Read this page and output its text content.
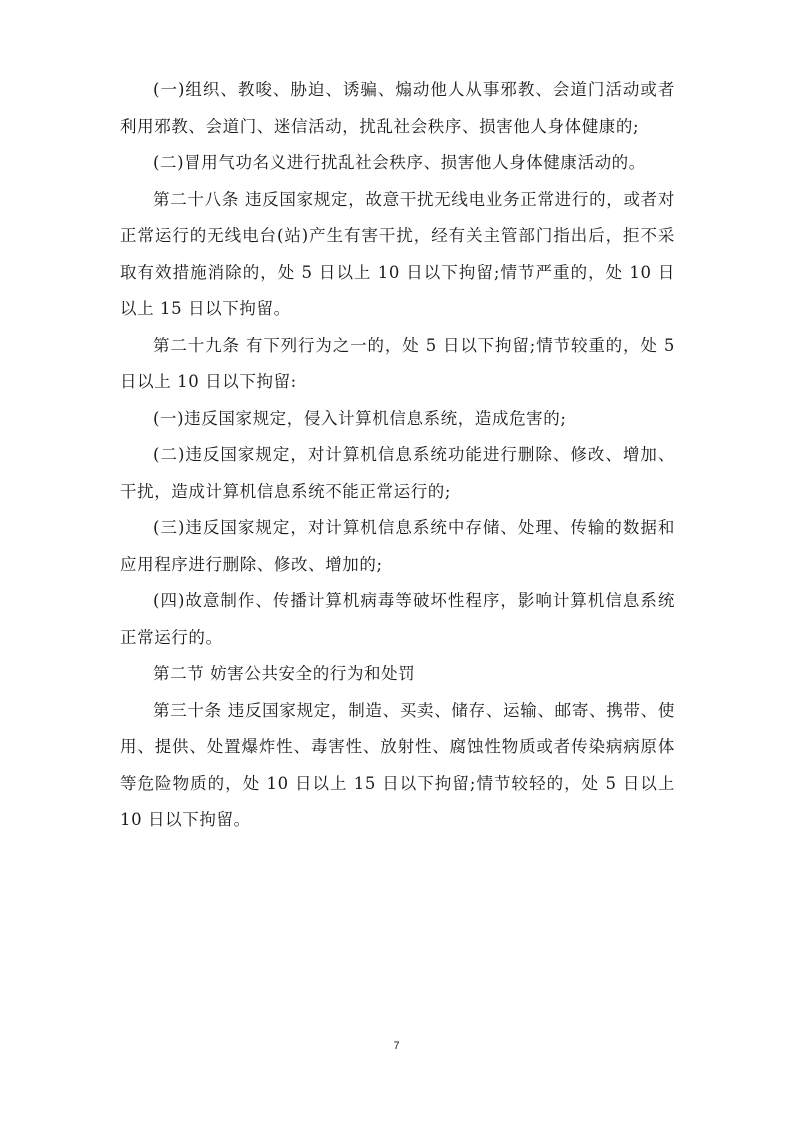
(一)组织、教唆、胁迫、诱骗、煽动他人从事邪教、会道门活动或者利用邪教、会道门、迷信活动，扰乱社会秩序、损害他人身体健康的;

(二)冒用气功名义进行扰乱社会秩序、损害他人身体健康活动的。

第二十八条 违反国家规定，故意干扰无线电业务正常进行的，或者对正常运行的无线电台(站)产生有害干扰，经有关主管部门指出后，拒不采取有效措施消除的，处 5 日以上 10 日以下拘留;情节严重的，处 10 日以上 15 日以下拘留。

第二十九条 有下列行为之一的，处 5 日以下拘留;情节较重的，处 5 日以上 10 日以下拘留:

(一)违反国家规定，侵入计算机信息系统，造成危害的;

(二)违反国家规定，对计算机信息系统功能进行删除、修改、增加、干扰，造成计算机信息系统不能正常运行的;

(三)违反国家规定，对计算机信息系统中存储、处理、传输的数据和应用程序进行删除、修改、增加的;

(四)故意制作、传播计算机病毒等破坏性程序，影响计算机信息系统正常运行的。

第二节 妨害公共安全的行为和处罚

第三十条 违反国家规定，制造、买卖、储存、运输、邮寄、携带、使用、提供、处置爆炸性、毒害性、放射性、腐蚀性物质或者传染病病原体等危险物质的，处 10 日以上 15 日以下拘留;情节较轻的，处 5 日以上 10 日以下拘留。

7
